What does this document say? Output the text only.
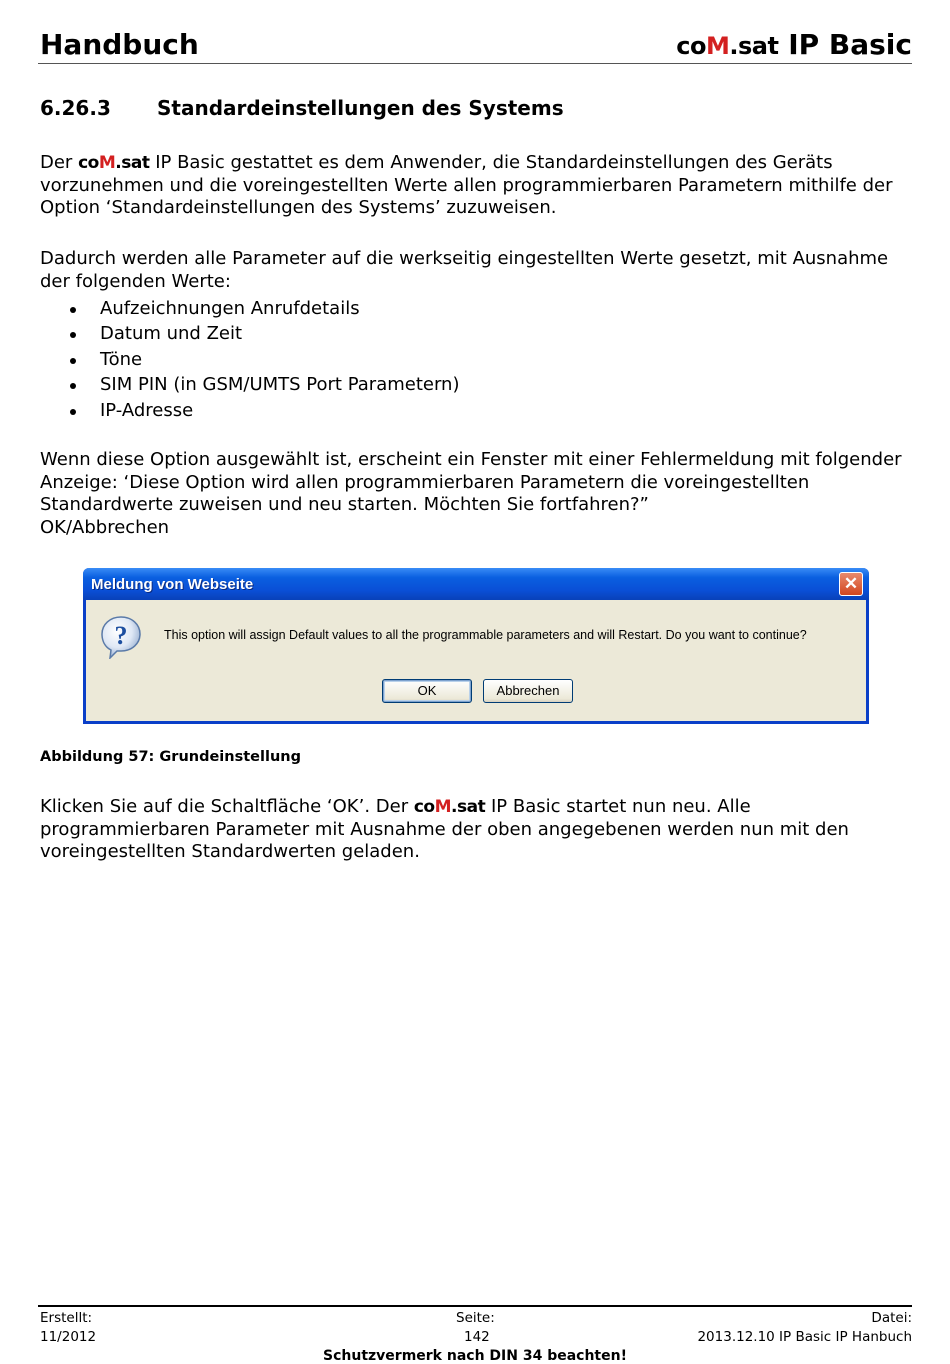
Handbuch	coM.sat IP Basic
6.26.3 Standardeinstellungen des Systems

Der coM.sat IP Basic gestattet es dem Anwender, die Standardeinstellungen des Geräts vorzunehmen und die voreingestellten Werte allen programmierbaren Parametern mithilfe der Option ‘Standardeinstellungen des Systems’ zuzuweisen.

Dadurch werden alle Parameter auf die werkseitig eingestellten Werte gesetzt, mit Ausnahme der folgenden Werte:

Aufzeichnungen Anrufdetails
Datum und Zeit
Töne
SIM PIN (in GSM/UMTS Port Parametern)
IP-Adresse

Wenn diese Option ausgewählt ist, erscheint ein Fenster mit einer Fehlermeldung mit folgender Anzeige: ‘Diese Option wird allen programmierbaren Parametern die voreingestellten Standardwerte zuweisen und neu starten. Möchten Sie fortfahren?”
OK/Abbrechen

Meldung von Webseite	✕
?	This option will assign Default values to all the programmable parameters and will Restart. Do you want to continue?
OK	Abbrechen
Abbildung 57: Grundeinstellung

Klicken Sie auf die Schaltfläche ‘OK’. Der coM.sat IP Basic startet nun neu. Alle programmierbaren Parameter mit Ausnahme der oben angegebenen werden nun mit den voreingestellten Standardwerten geladen.

Erstellt:
11/2012
Seite:
142
Datei:
2013.12.10 IP Basic IP Hanbuch
Schutzvermerk nach DIN 34 beachten!
